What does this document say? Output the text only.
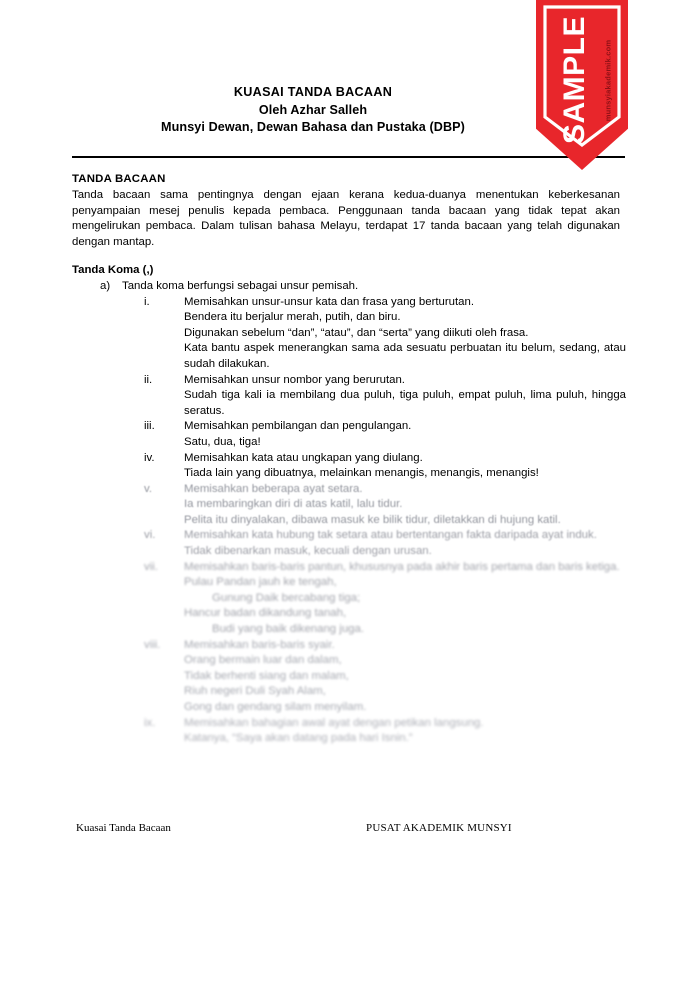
KUASAI TANDA BACAAN
Oleh Azhar Salleh
Munsyi Dewan, Dewan Bahasa dan Pustaka (DBP)
TANDA BACAAN

Tanda bacaan sama pentingnya dengan ejaan kerana kedua-duanya menentukan keberkesanan penyampaian mesej penulis kepada pembaca. Penggunaan tanda bacaan yang tidak tepat akan mengelirukan pembaca. Dalam tulisan bahasa Melayu, terdapat 17 tanda bacaan yang telah digunakan dengan mantap.

Tanda Koma (,)
a)	Tanda koma berfungsi sebagai unsur pemisah.
i.	Memisahkan unsur-unsur kata dan frasa yang berturutan.
Bendera itu berjalur merah, putih, dan biru.
Digunakan sebelum “dan”, “atau”, dan “serta” yang diikuti oleh frasa.
Kata bantu aspek menerangkan sama ada sesuatu perbuatan itu belum, sedang, atau sudah dilakukan.
ii.	Memisahkan unsur nombor yang berurutan.
Sudah tiga kali ia membilang dua puluh, tiga puluh, empat puluh, lima puluh, hingga seratus.
iii.	Memisahkan pembilangan dan pengulangan.
Satu, dua, tiga!
iv.	Memisahkan kata atau ungkapan yang diulang.
Tiada lain yang dibuatnya, melainkan menangis, menangis, menangis!
v.	Memisahkan beberapa ayat setara.
Ia membaringkan diri di atas katil, lalu tidur.
Pelita itu dinyalakan, dibawa masuk ke bilik tidur, diletakkan di hujung katil.
vi.	Memisahkan kata hubung tak setara atau bertentangan fakta daripada ayat induk.
Tidak dibenarkan masuk, kecuali dengan urusan.
vii.	Memisahkan baris-baris pantun, khususnya pada akhir baris pertama dan baris ketiga.
Pulau Pandan jauh ke tengah,
Gunung Daik bercabang tiga;
Hancur badan dikandung tanah,
Budi yang baik dikenang juga.
viii.	Memisahkan baris-baris syair.
Orang bermain luar dan dalam,
Tidak berhenti siang dan malam,
Riuh negeri Duli Syah Alam,
Gong dan gendang silam menyilam.
ix.	Memisahkan bahagian awal ayat dengan petikan langsung.
Katanya, “Saya akan datang pada hari Isnin.”
Kuasai Tanda Bacaan	PUSAT AKADEMIK MUNSYI
SAMPLE munsyiakademik.com
